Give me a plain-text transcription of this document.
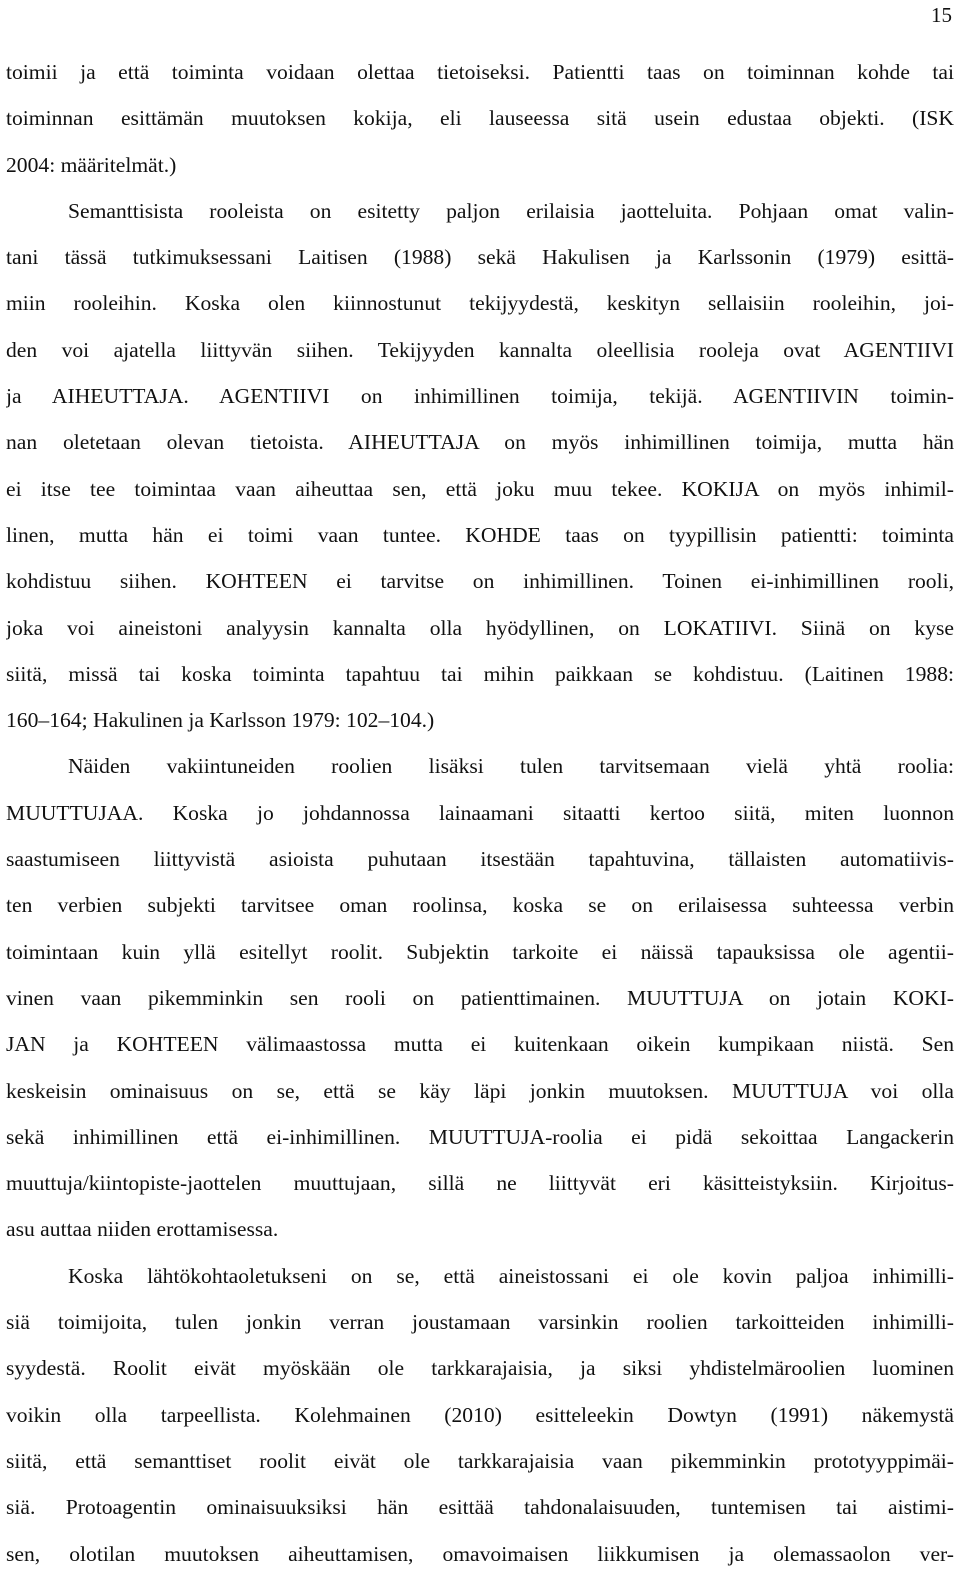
15
toimii ja että toiminta voidaan olettaa tietoiseksi. Patientti taas on toiminnan kohde tai
toiminnan esittämän muutoksen kokija, eli lauseessa sitä usein edustaa objekti. (ISK
2004: määritelmät.)
Semanttisista rooleista on esitetty paljon erilaisia jaotteluita. Pohjaan omat valin-
tani tässä tutkimuksessani Laitisen (1988) sekä Hakulisen ja Karlssonin (1979) esittä-
miin rooleihin. Koska olen kiinnostunut tekijyydestä, keskityn sellaisiin rooleihin, joi-
den voi ajatella liittyvän siihen. Tekijyyden kannalta oleellisia rooleja ovat AGENTIIVI
ja AIHEUTTAJA. AGENTIIVI on inhimillinen toimija, tekijä. AGENTIIVIN toimin-
nan oletetaan olevan tietoista. AIHEUTTAJA on myös inhimillinen toimija, mutta hän
ei itse tee toimintaa vaan aiheuttaa sen, että joku muu tekee. KOKIJA on myös inhimil-
linen, mutta hän ei toimi vaan tuntee. KOHDE taas on tyypillisin patientti: toiminta
kohdistuu siihen. KOHTEEN ei tarvitse on inhimillinen. Toinen ei-inhimillinen rooli,
joka voi aineistoni analyysin kannalta olla hyödyllinen, on LOKATIIVI. Siinä on kyse
siitä, missä tai koska toiminta tapahtuu tai mihin paikkaan se kohdistuu. (Laitinen 1988:
160–164; Hakulinen ja Karlsson 1979: 102–104.)
Näiden vakiintuneiden roolien lisäksi tulen tarvitsemaan vielä yhtä roolia:
MUUTTUJAA. Koska jo johdannossa lainaamani sitaatti kertoo siitä, miten luonnon
saastumiseen liittyvistä asioista puhutaan itsestään tapahtuvina, tällaisten automatiivis-
ten verbien subjekti tarvitsee oman roolinsa, koska se on erilaisessa suhteessa verbin
toimintaan kuin yllä esitellyt roolit. Subjektin tarkoite ei näissä tapauksissa ole agentii-
vinen vaan pikemminkin sen rooli on patienttimainen. MUUTTUJA on jotain KOKI-
JAN ja KOHTEEN välimaastossa mutta ei kuitenkaan oikein kumpikaan niistä. Sen
keskeisin ominaisuus on se, että se käy läpi jonkin muutoksen. MUUTTUJA voi olla
sekä inhimillinen että ei-inhimillinen. MUUTTUJA-roolia ei pidä sekoittaa Langackerin
muuttuja/kiintopiste-jaottelen muuttujaan, sillä ne liittyvät eri käsitteistyksiin. Kirjoitus-
asu auttaa niiden erottamisessa.
Koska lähtökohtaoletukseni on se, että aineistossani ei ole kovin paljoa inhimilli-
siä toimijoita, tulen jonkin verran joustamaan varsinkin roolien tarkoitteiden inhimilli-
syydestä. Roolit eivät myöskään ole tarkkarajaisia, ja siksi yhdistelmäroolien luominen
voikin olla tarpeellista. Kolehmainen (2010) esitteleekin Dowtyn (1991) näkemystä
siitä, että semanttiset roolit eivät ole tarkkarajaisia vaan pikemminkin prototyyppimäi-
siä. Protoagentin ominaisuuksiksi hän esittää tahdonalaisuuden, tuntemisen tai aistimi-
sen, olotilan muutoksen aiheuttamisen, omavoimaisen liikkumisen ja olemassaolon ver-
